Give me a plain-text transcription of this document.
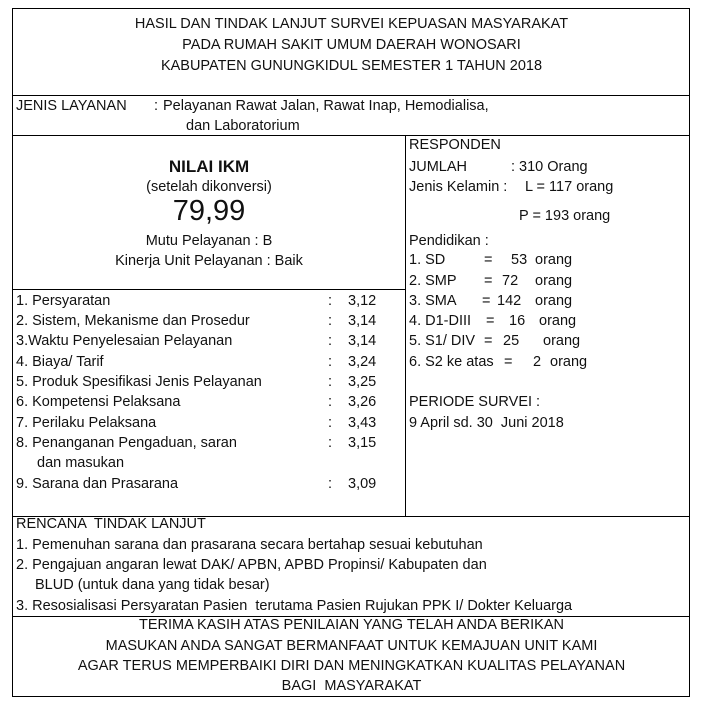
HASIL DAN TINDAK LANJUT SURVEI KEPUASAN MASYARAKAT
PADA RUMAH SAKIT UMUM DAERAH WONOSARI
KABUPATEN GUNUNGKIDUL SEMESTER 1 TAHUN 2018
JENIS LAYANAN : Pelayanan Rawat Jalan, Rawat Inap, Hemodialisa,
dan Laboratorium
NILAI IKM
(setelah dikonversi)
79,99
Mutu Pelayanan : B
Kinerja Unit Pelayanan : Baik
1. Persyaratan	: 3,12
2. Sistem, Mekanisme dan Prosedur	: 3,14
3.Waktu Penyelesaian Pelayanan	: 3,14
4. Biaya/ Tarif	: 3,24
5. Produk Spesifikasi Jenis Pelayanan	: 3,25
6. Kompetensi Pelaksana	: 3,26
7. Perilaku Pelaksana	: 3,43
8. Penanganan Pengaduan, saran	: 3,15
dan masukan
9. Sarana dan Prasarana	: 3,09
RESPONDEN
JUMLAH	: 310 Orang
Jenis Kelamin : L = 117 orang
P = 193 orang
Pendidikan :
1. SD	= 53 orang
2. SMP = 72 orang
3. SMA = 142 orang
4. D1-DIII = 16 orang
5. S1/ DIV = 25 orang
6. S2 ke atas = 2 orang
PERIODE SURVEI :
9 April sd. 30  Juni 2018
RENCANA  TINDAK LANJUT
1. Pemenuhan sarana dan prasarana secara bertahap sesuai kebutuhan
2. Pengajuan angaran lewat DAK/ APBN, APBD Propinsi/ Kabupaten dan
BLUD (untuk dana yang tidak besar)
3. Resosialisasi Persyaratan Pasien  terutama Pasien Rujukan PPK I/ Dokter Keluarga
TERIMA KASIH ATAS PENILAIAN YANG TELAH ANDA BERIKAN
MASUKAN ANDA SANGAT BERMANFAAT UNTUK KEMAJUAN UNIT KAMI
AGAR TERUS MEMPERBAIKI DIRI DAN MENINGKATKAN KUALITAS PELAYANAN
BAGI  MASYARAKAT
